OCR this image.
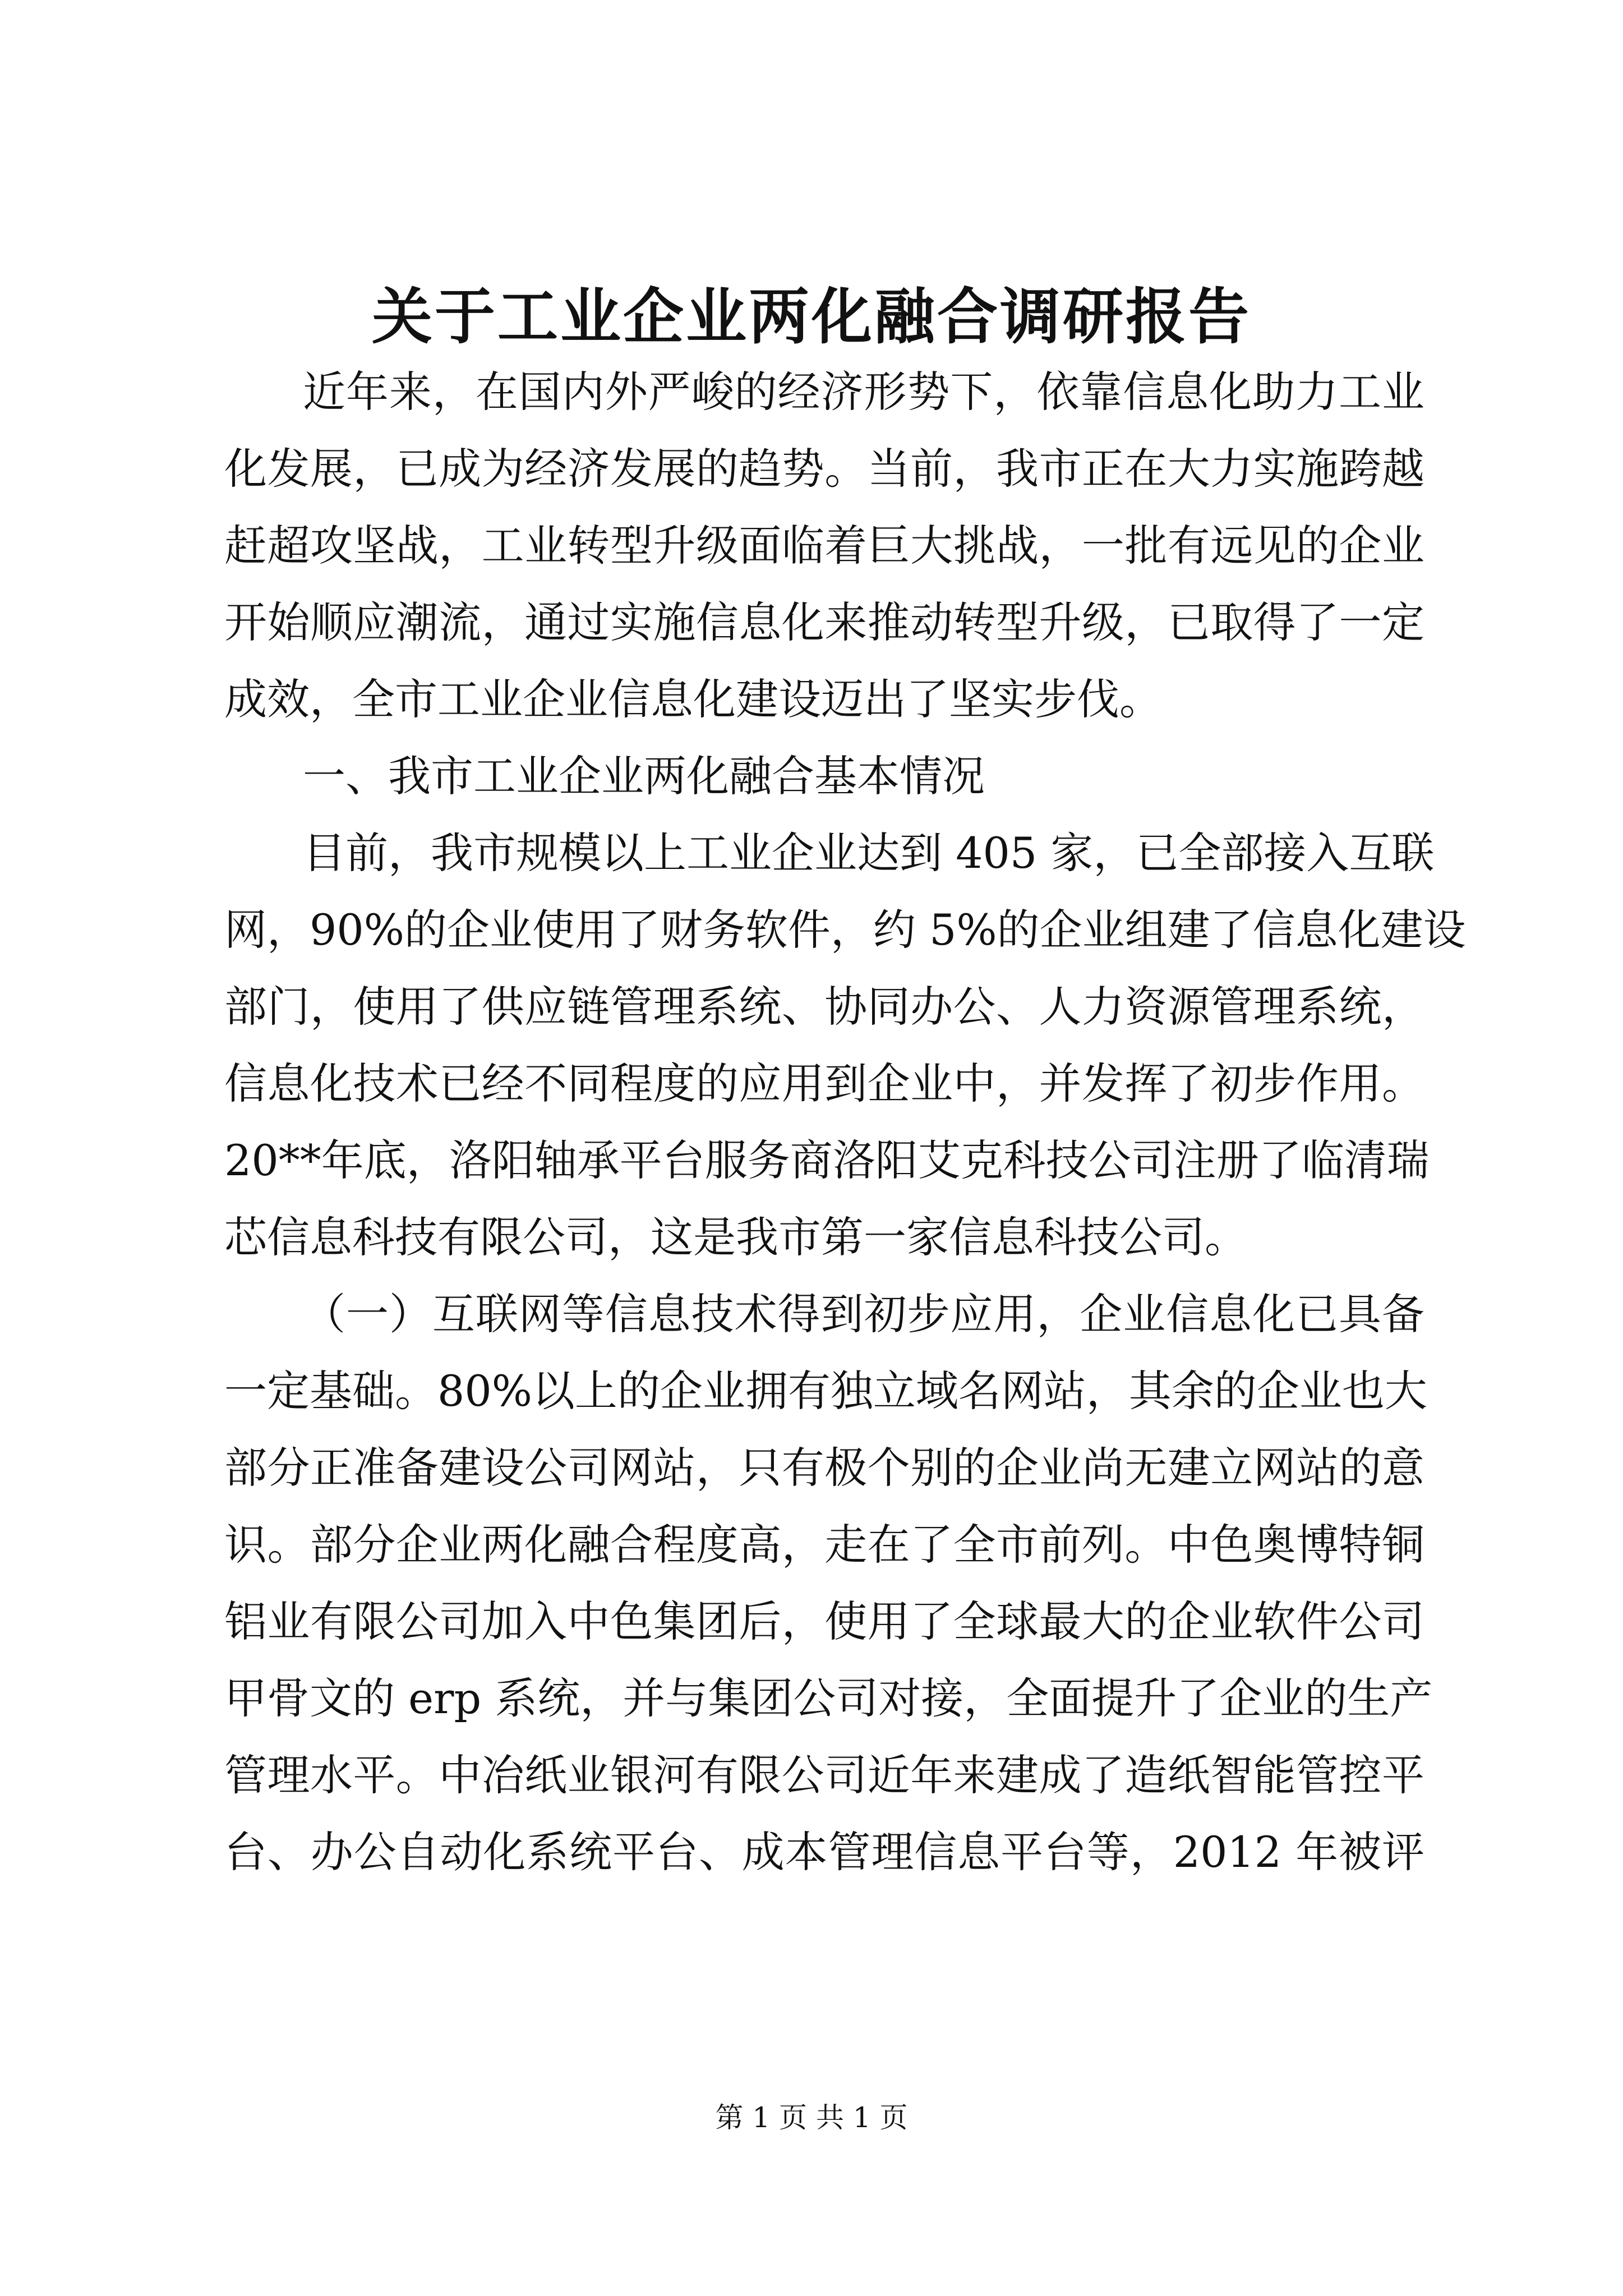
关于工业企业两化融合调研报告
近年来，在国内外严峻的经济形势下，依靠信息化助力工业
化发展，已成为经济发展的趋势。当前，我市正在大力实施跨越
赶超攻坚战，工业转型升级面临着巨大挑战，一批有远见的企业
开始顺应潮流，通过实施信息化来推动转型升级，已取得了一定
成效，全市工业企业信息化建设迈出了坚实步伐。
一、我市工业企业两化融合基本情况
目前，我市规模以上工业企业达到 405 家，已全部接入互联
网，90%的企业使用了财务软件，约 5%的企业组建了信息化建设
部门，使用了供应链管理系统、协同办公、人力资源管理系统，
信息化技术已经不同程度的应用到企业中，并发挥了初步作用。
20**年底，洛阳轴承平台服务商洛阳艾克科技公司注册了临清瑞
芯信息科技有限公司，这是我市第一家信息科技公司。
（一）互联网等信息技术得到初步应用，企业信息化已具备
一定基础。80%以上的企业拥有独立域名网站，其余的企业也大
部分正准备建设公司网站，只有极个别的企业尚无建立网站的意
识。部分企业两化融合程度高，走在了全市前列。中色奥博特铜
铝业有限公司加入中色集团后，使用了全球最大的企业软件公司
甲骨文的 erp 系统，并与集团公司对接，全面提升了企业的生产
管理水平。中冶纸业银河有限公司近年来建成了造纸智能管控平
台、办公自动化系统平台、成本管理信息平台等，2012 年被评
第 1 页 共 1 页
